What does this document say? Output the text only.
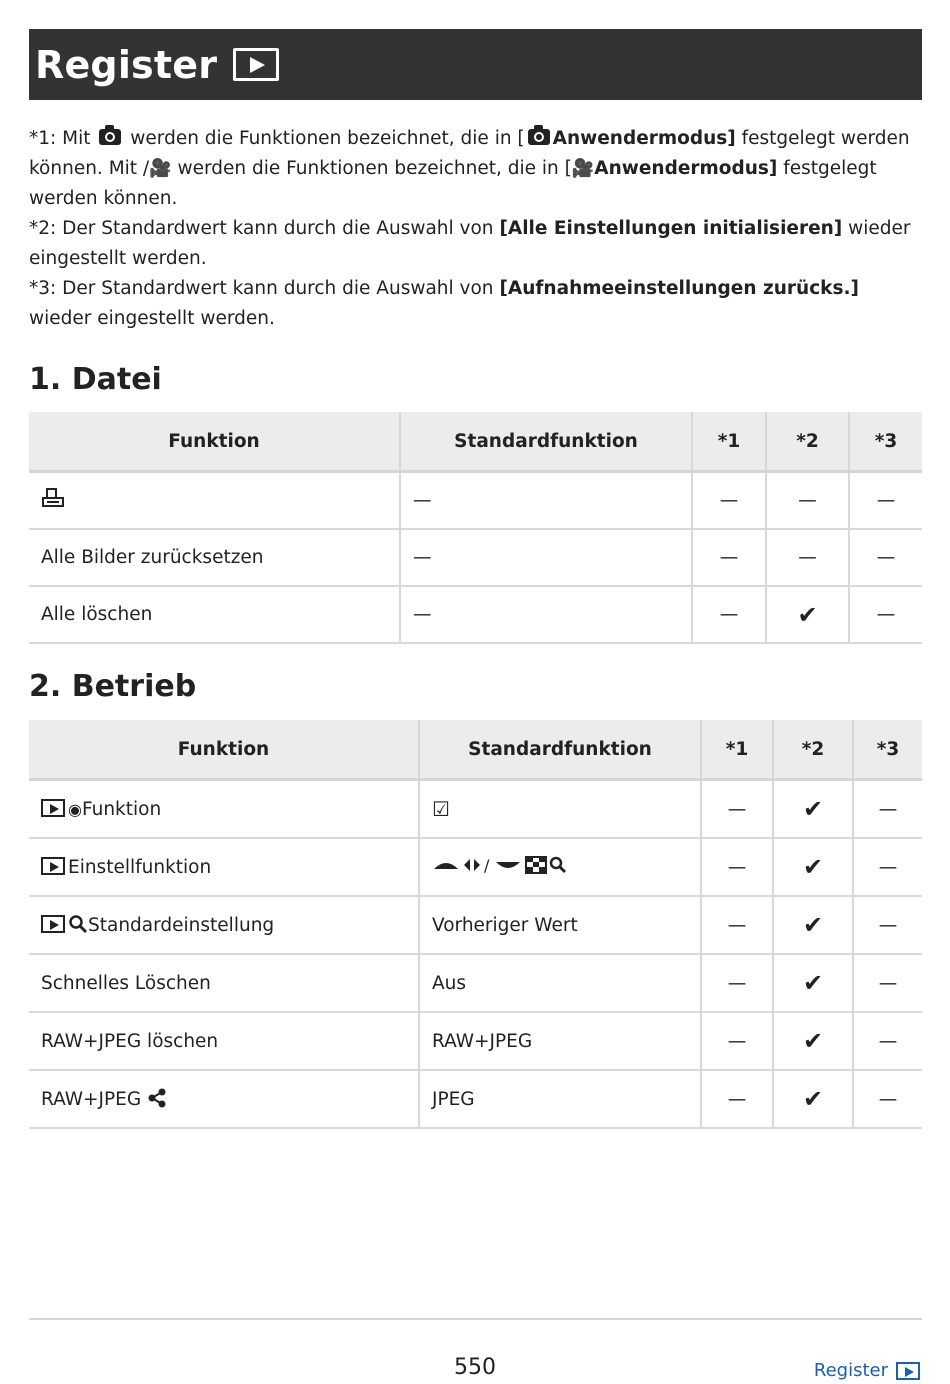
Register

*1: Mit werden die Funktionen bezeichnet, die in [ Anwendermodus] festgelegt werden können. Mit /🎥 werden die Funktionen bezeichnet, die in [🎥Anwendermodus] festgelegt werden können.

*2: Der Standardwert kann durch die Auswahl von [Alle Einstellungen initialisieren] wieder eingestellt werden.

*3: Der Standardwert kann durch die Auswahl von [Aufnahmeeinstellungen zurücks.] wieder eingestellt werden.

1. Datei
Funktion	Standardfunktion	*1	*2	*3
	—	—	—	—
Alle Bilder zurücksetzen	—	—	—	—
Alle löschen	—	—	✔	—
2. Betrieb
Funktion	Standardfunktion	*1	*2	*3
◉Funktion	☑	—	✔	—
Einstellfunktion	/	—	✔	—
Standardeinstellung	Vorheriger Wert	—	✔	—
Schnelles Löschen	Aus	—	✔	—
RAW+JPEG löschen	RAW+JPEG	—	✔	—
RAW+JPEG	JPEG	—	✔	—
550	Register
